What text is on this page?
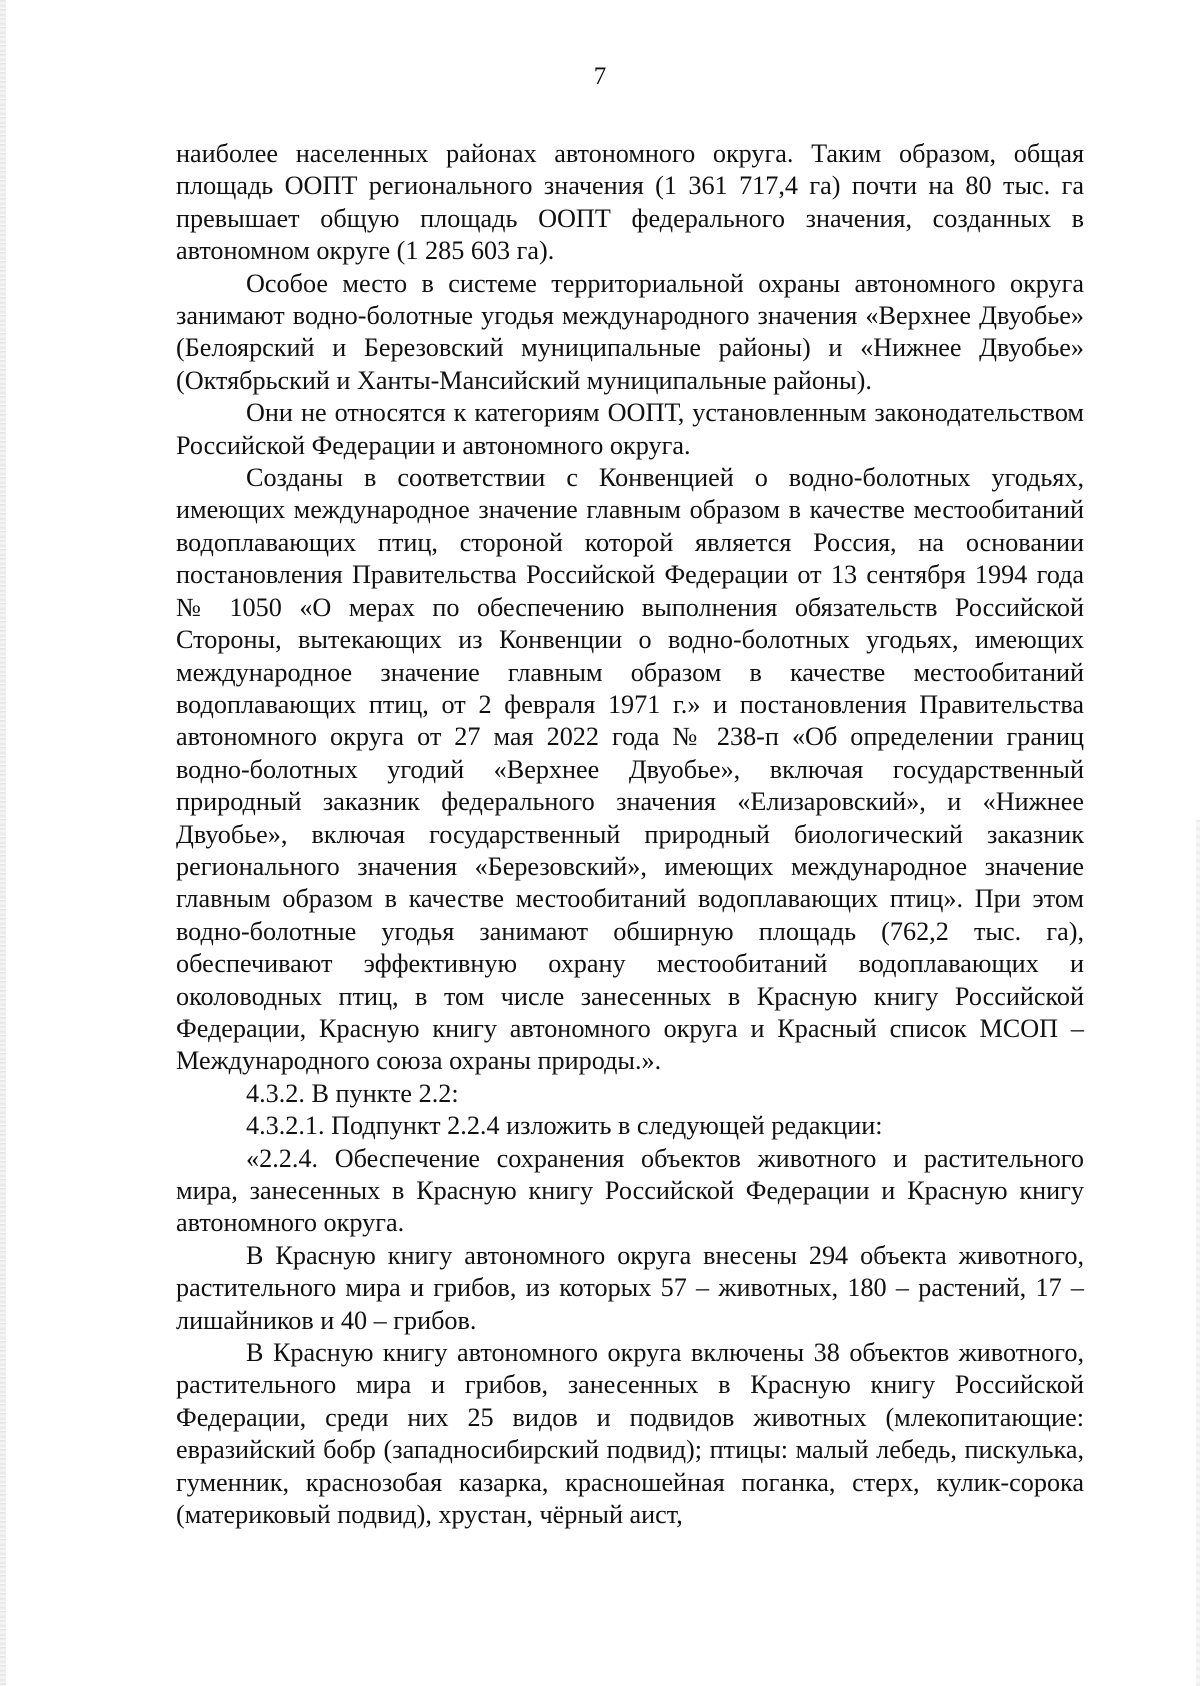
7

наиболее населенных районах автономного округа. Таким образом, общая площадь ООПТ регионального значения (1 361 717,4 га) почти на 80 тыс. га превышает общую площадь ООПТ федерального значения, созданных в автономном округе (1 285 603 га).

Особое место в системе территориальной охраны автономного округа занимают водно-болотные угодья международного значения «Верхнее Двуобье» (Белоярский и Березовский муниципальные районы) и «Нижнее Двуобье» (Октябрьский и Ханты-Мансийский муниципальные районы).

Они не относятся к категориям ООПТ, установленным законодательством Российской Федерации и автономного округа.

Созданы в соответствии с Конвенцией о водно-болотных угодьях, имеющих международное значение главным образом в качестве местообитаний водоплавающих птиц, стороной которой является Россия, на основании постановления Правительства Российской Федерации от 13 сентября 1994 года № 1050 «О мерах по обеспечению выполнения обязательств Российской Стороны, вытекающих из Конвенции о водно-болотных угодьях, имеющих международное значение главным образом в качестве местообитаний водоплавающих птиц, от 2 февраля 1971 г.» и постановления Правительства автономного округа от 27 мая 2022 года № 238-п «Об определении границ водно-болотных угодий «Верхнее Двуобье», включая государственный природный заказник федерального значения «Елизаровский», и «Нижнее Двуобье», включая государственный природный биологический заказник регионального значения «Березовский», имеющих международное значение главным образом в качестве местообитаний водоплавающих птиц». При этом водно-болотные угодья занимают обширную площадь (762,2 тыс. га), обеспечивают эффективную охрану местообитаний водоплавающих и околоводных птиц, в том числе занесенных в Красную книгу Российской Федерации, Красную книгу автономного округа и Красный список МСОП – Международного союза охраны природы.».

4.3.2. В пункте 2.2:

4.3.2.1. Подпункт 2.2.4 изложить в следующей редакции:

«2.2.4. Обеспечение сохранения объектов животного и растительного мира, занесенных в Красную книгу Российской Федерации и Красную книгу автономного округа.

В Красную книгу автономного округа внесены 294 объекта животного, растительного мира и грибов, из которых 57 – животных, 180 – растений, 17 – лишайников и 40 – грибов.

В Красную книгу автономного округа включены 38 объектов животного, растительного мира и грибов, занесенных в Красную книгу Российской Федерации, среди них 25 видов и подвидов животных (млекопитающие: евразийский бобр (западносибирский подвид); птицы: малый лебедь, пискулька, гуменник, краснозобая казарка, красношейная поганка, стерх, кулик-сорока (материковый подвид), хрустан, чёрный аист,
